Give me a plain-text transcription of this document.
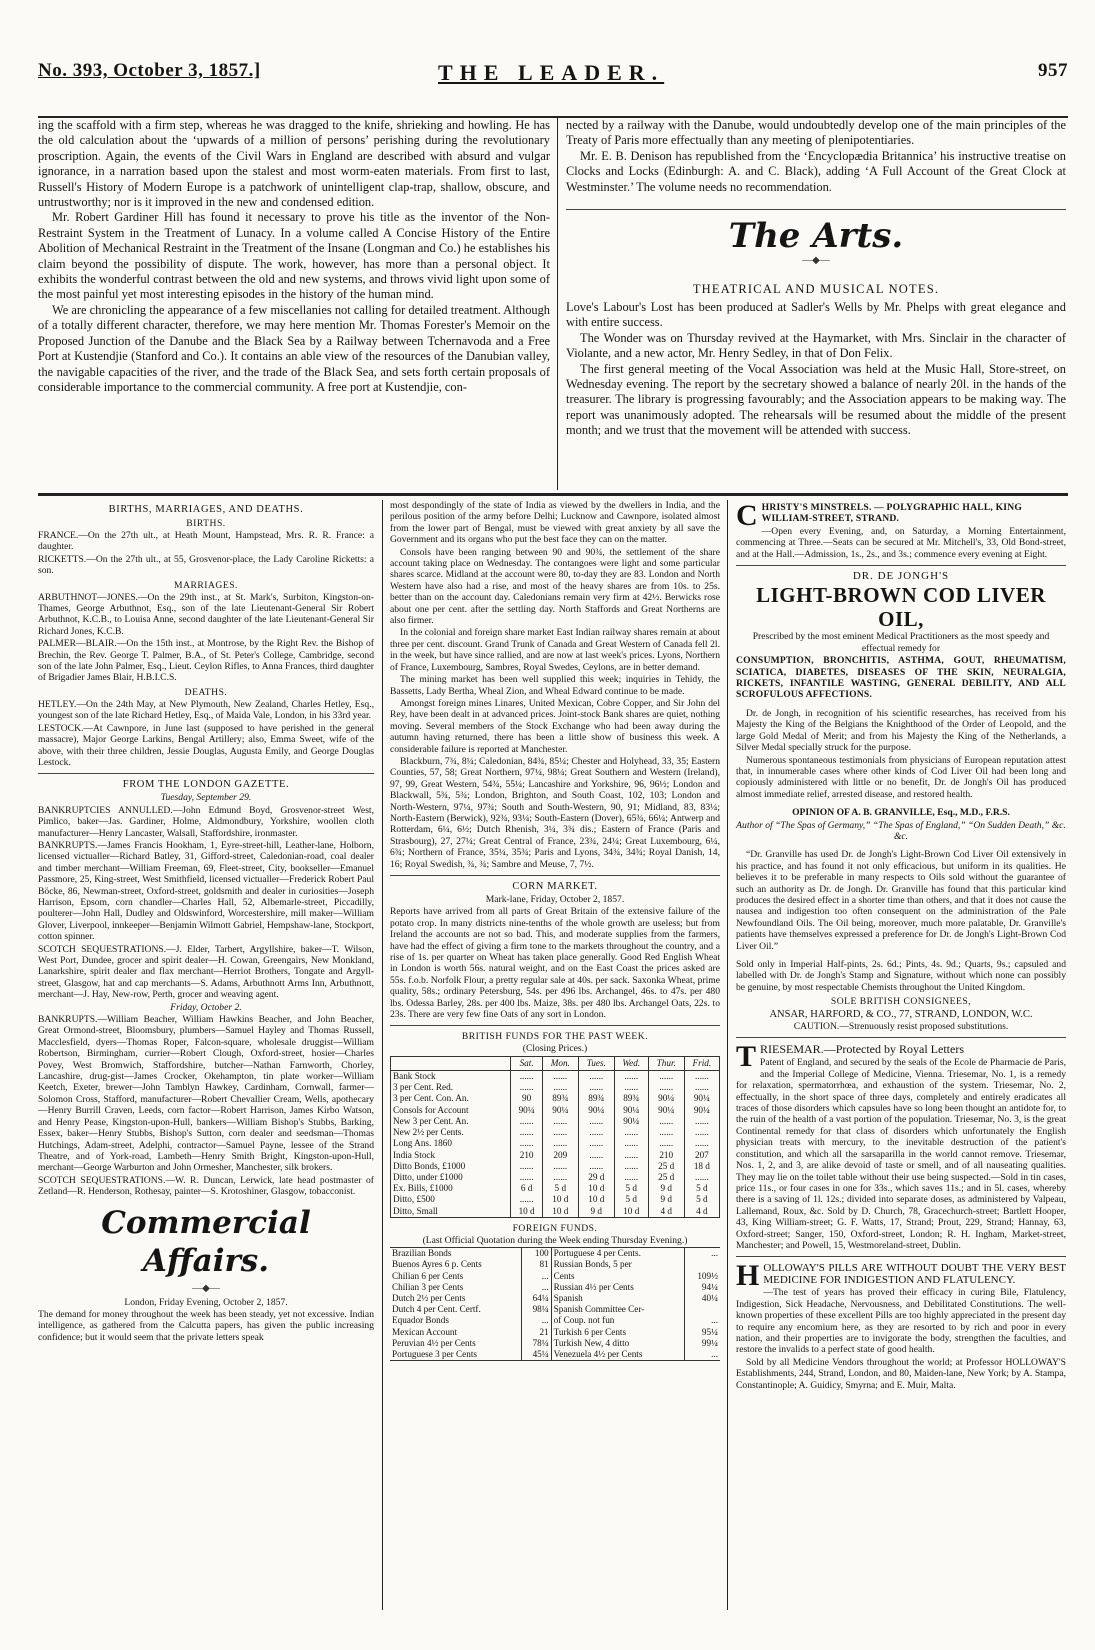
No. 393, October 3, 1857.]	THE LEADER.	957

ing the scaffold with a firm step, whereas he was dragged to the knife, shrieking and howling. He has the old calculation about the ‘upwards of a million of persons’ perishing during the revolutionary proscription. Again, the events of the Civil Wars in England are described with absurd and vulgar ignorance, in a narration based upon the stalest and most worm-eaten materials. From first to last, Russell's History of Modern Europe is a patchwork of unintelligent clap-trap, shallow, obscure, and untrustworthy; nor is it improved in the new and condensed edition.

Mr. Robert Gardiner Hill has found it necessary to prove his title as the inventor of the Non-Restraint System in the Treatment of Lunacy. In a volume called A Concise History of the Entire Abolition of Mechanical Restraint in the Treatment of the Insane (Longman and Co.) he establishes his claim beyond the possibility of dispute. The work, however, has more than a personal object. It exhibits the wonderful contrast between the old and new systems, and throws vivid light upon some of the most painful yet most interesting episodes in the history of the human mind.

We are chronicling the appearance of a few miscellanies not calling for detailed treatment. Although of a totally different character, therefore, we may here mention Mr. Thomas Forester's Memoir on the Proposed Junction of the Danube and the Black Sea by a Railway between Tchernavoda and a Free Port at Kustendjie (Stanford and Co.). It contains an able view of the resources of the Danubian valley, the navigable capacities of the river, and the trade of the Black Sea, and sets forth certain proposals of considerable importance to the commercial community. A free port at Kustendjie, con-

nected by a railway with the Danube, would undoubtedly develop one of the main principles of the Treaty of Paris more effectually than any meeting of plenipotentiaries.

Mr. E. B. Denison has republished from the ‘Encyclopædia Britannica’ his instructive treatise on Clocks and Locks (Edinburgh: A. and C. Black), adding ‘A Full Account of the Great Clock at Westminster.’ The volume needs no recommendation.

The Arts.
—◆—
THEATRICAL AND MUSICAL NOTES.

Love's Labour's Lost has been produced at Sadler's Wells by Mr. Phelps with great elegance and with entire success.

The Wonder was on Thursday revived at the Haymarket, with Mrs. Sinclair in the character of Violante, and a new actor, Mr. Henry Sedley, in that of Don Felix.

The first general meeting of the Vocal Association was held at the Music Hall, Store-street, on Wednesday evening. The report by the secretary showed a balance of nearly 20l. in the hands of the treasurer. The library is progressing favourably; and the Association appears to be making way. The report was unanimously adopted. The rehearsals will be resumed about the middle of the present month; and we trust that the movement will be attended with success.

BIRTHS, MARRIAGES, AND DEATHS.
BIRTHS.

FRANCE.—On the 27th ult., at Heath Mount, Hampstead, Mrs. R. R. France: a daughter.

RICKETTS.—On the 27th ult., at 55, Grosvenor-place, the Lady Caroline Ricketts: a son.

MARRIAGES.

ARBUTHNOT—JONES.—On the 29th inst., at St. Mark's, Surbiton, Kingston-on-Thames, George Arbuthnot, Esq., son of the late Lieutenant-General Sir Robert Arbuthnot, K.C.B., to Louisa Anne, second daughter of the late Lieutenant-General Sir Richard Jones, K.C.B.

PALMER—BLAIR.—On the 15th inst., at Montrose, by the Right Rev. the Bishop of Brechin, the Rev. George T. Palmer, B.A., of St. Peter's College, Cambridge, second son of the late John Palmer, Esq., Lieut. Ceylon Rifles, to Anna Frances, third daughter of Brigadier James Blair, H.B.I.C.S.

DEATHS.

HETLEY.—On the 24th May, at New Plymouth, New Zealand, Charles Hetley, Esq., youngest son of the late Richard Hetley, Esq., of Maida Vale, London, in his 33rd year.

LESTOCK.—At Cawnpore, in June last (supposed to have perished in the general massacre), Major George Larkins, Bengal Artillery; also, Emma Sweet, wife of the above, with their three children, Jessie Douglas, Augusta Emily, and George Douglas Lestock.

FROM THE LONDON GAZETTE.

Tuesday, September 29.

BANKRUPTCIES ANNULLED.—John Edmund Boyd, Grosvenor-street West, Pimlico, baker—Jas. Gardiner, Holme, Aldmondbury, Yorkshire, woollen cloth manufacturer—Henry Lancaster, Walsall, Staffordshire, ironmaster.

BANKRUPTS.—James Francis Hookham, 1, Eyre-street-hill, Leather-lane, Holborn, licensed victualler—Richard Batley, 31, Gifford-street, Caledonian-road, coal dealer and timber merchant—William Freeman, 69, Fleet-street, City, bookseller—Emanuel Passmore, 25, King-street, West Smithfield, licensed victualler—Frederick Robert Paul Böcke, 86, Newman-street, Oxford-street, goldsmith and dealer in curiosities—Joseph Harrison, Epsom, corn chandler—Charles Hall, 52, Albemarle-street, Piccadilly, poulterer—John Hall, Dudley and Oldswinford, Worcestershire, mill maker—William Glover, Liverpool, innkeeper—Benjamin Wilmott Gabriel, Hempshaw-lane, Stockport, cotton spinner.

SCOTCH SEQUESTRATIONS.—J. Elder, Tarbert, Argyllshire, baker—T. Wilson, West Port, Dundee, grocer and spirit dealer—H. Cowan, Greengairs, New Monkland, Lanarkshire, spirit dealer and flax merchant—Herriot Brothers, Tongate and Argyll-street, Glasgow, hat and cap merchants—S. Adams, Arbuthnott Arms Inn, Arbuthnott, merchant—J. Hay, New-row, Perth, grocer and weaving agent.

Friday, October 2.

BANKRUPTS.—William Beacher, William Hawkins Beacher, and John Beacher, Great Ormond-street, Bloomsbury, plumbers—Samuel Hayley and Thomas Russell, Macclesfield, dyers—Thomas Roper, Falcon-square, wholesale druggist—William Robertson, Birmingham, currier—Robert Clough, Oxford-street, hosier—Charles Povey, West Bromwich, Staffordshire, butcher—Nathan Farnworth, Chorley, Lancashire, drug-gist—James Crocker, Okehampton, tin plate worker—William Keetch, Exeter, brewer—John Tamblyn Hawkey, Cardinham, Cornwall, farmer—Solomon Cross, Stafford, manufacturer—Robert Chevallier Cream, Wells, apothecary—Henry Burrill Craven, Leeds, corn factor—Robert Harrison, James Kirbo Watson, and Henry Pease, Kingston-upon-Hull, bankers—William Bishop's Stubbs, Barking, Essex, baker—Henry Stubbs, Bishop's Sutton, corn dealer and seedsman—Thomas Hutchings, Adam-street, Adelphi, contractor—Samuel Payne, lessee of the Strand Theatre, and of York-road, Lambeth—Henry Smith Bright, Kingston-upon-Hull, merchant—George Warburton and John Ormesher, Manchester, silk brokers.

SCOTCH SEQUESTRATIONS.—W. R. Duncan, Lerwick, late head postmaster of Zetland—R. Henderson, Rothesay, painter—S. Krotoshiner, Glasgow, tobacconist.

Commercial Affairs.
—◆—

London, Friday Evening, October 2, 1857.

The demand for money throughout the week has been steady, yet not excessive. Indian intelligence, as gathered from the Calcutta papers, has given the public increasing confidence; but it would seem that the private letters speak

most despondingly of the state of India as viewed by the dwellers in India, and the perilous position of the army before Delhi; Lucknow and Cawnpore, isolated almost from the lower part of Bengal, must be viewed with great anxiety by all save the Government and its organs who put the best face they can on the matter.

Consols have been ranging between 90 and 90¾, the settlement of the share account taking place on Wednesday. The contangoes were light and some particular shares scarce. Midland at the account were 80, to-day they are 83. London and North Western have also had a rise, and most of the heavy shares are from 10s. to 25s. better than on the account day. Caledonians remain very firm at 42½. Berwicks rose about one per cent. after the settling day. North Staffords and Great Northerns are also firmer.

In the colonial and foreign share market East Indian railway shares remain at about three per cent. discount. Grand Trunk of Canada and Great Western of Canada fell 2l. in the week, but have since rallied, and are now at last week's prices. Lyons, Northern of France, Luxembourg, Sambres, Royal Swedes, Ceylons, are in better demand.

The mining market has been well supplied this week; inquiries in Tehidy, the Bassetts, Lady Bertha, Wheal Zion, and Wheal Edward continue to be made.

Amongst foreign mines Linares, United Mexican, Cobre Copper, and Sir John del Rey, have been dealt in at advanced prices. Joint-stock Bank shares are quiet, nothing moving. Several members of the Stock Exchange who had been away during the autumn having returned, there has been a little show of business this week. A considerable failure is reported at Manchester.

Blackburn, 7¾, 8¼; Caledonian, 84¾, 85¼; Chester and Holyhead, 33, 35; Eastern Counties, 57, 58; Great Northern, 97¼, 98¼; Great Southern and Western (Ireland), 97, 99, Great Western, 54¾, 55¼; Lancashire and Yorkshire, 96, 96½; London and Blackwall, 5¾, 5¾; London, Brighton, and South Coast, 102, 103; London and North-Western, 97¼, 97¾; South and South-Western, 90, 91; Midland, 83, 83¼; North-Eastern (Berwick), 92¾, 93¼; South-Eastern (Dover), 65¾, 66¼; Antwerp and Rotterdam, 6¼, 6½; Dutch Rhenish, 3¼, 3¾ dis.; Eastern of France (Paris and Strasbourg), 27, 27¼; Great Central of France, 23¾, 24¼; Great Luxembourg, 6¼, 6¾; Northern of France, 35¼, 35¾; Paris and Lyons, 34¾, 34¾; Royal Danish, 14, 16; Royal Swedish, ¾, ¾; Sambre and Meuse, 7, 7½.

CORN MARKET.

Mark-lane, Friday, October 2, 1857.

Reports have arrived from all parts of Great Britain of the extensive failure of the potato crop. In many districts nine-tenths of the whole growth are useless; but from Ireland the accounts are not so bad. This, and moderate supplies from the farmers, have had the effect of giving a firm tone to the markets throughout the country, and a rise of 1s. per quarter on Wheat has taken place generally. Good Red English Wheat in London is worth 56s. natural weight, and on the East Coast the prices asked are 55s. f.o.b. Norfolk Flour, a pretty regular sale at 40s. per sack. Saxonka Wheat, prime quality, 58s.; ordinary Petersburg, 54s. per 496 lbs. Archangel, 46s. to 47s. per 480 lbs. Odessa Barley, 28s. per 400 lbs. Maize, 38s. per 480 lbs. Archangel Oats, 22s. to 23s. There are very few fine Oats of any sort in London.

BRITISH FUNDS FOR THE PAST WEEK.

(Closing Prices.)

	Sat.	Mon.	Tues.	Wed.	Thur.	Frid.
Bank Stock	......	......	......	......	......	......
3 per Cent. Red.	......	......	......	......	......	......
3 per Cent. Con. An.	90	89¾	89¾	89¾	90¼	90¼
Consols for Account	90¼	90¼	90¼	90¼	90¼	90¼
New 3 per Cent. An.	......	......	......	90¼	......	......
New 2½ per Cents.	......	......	......	......	......	......
Long Ans. 1860	......	......	......	......	......	......
India Stock	210	209	......	......	210	207
Ditto Bonds, £1000	......	......	......	......	25 d	18 d
Ditto, under £1000	......	......	29 d	......	25 d	......
Ex. Bills, £1000	6 d	5 d	10 d	5 d	9 d	5 d
Ditto, £500	......	10 d	10 d	5 d	9 d	5 d
Ditto, Small	10 d	10 d	9 d	10 d	4 d	4 d
FOREIGN FUNDS.

(Last Official Quotation during the Week ending Thursday Evening.)

Brazilian Bonds	100	Portuguese 4 per Cents.	...
Buenos Ayres 6 p. Cents	81	Russian Bonds, 5 per	
Chilian 6 per Cents	...	Cents	109½
Chilian 3 per Cents	...	Russian 4½ per Cents	94¼
Dutch 2½ per Cents	64¼	Spanish	40¼
Dutch 4 per Cent. Certf.	98¼	Spanish Committee Cer-	
Equador Bonds	...	of Coup. not fun	...
Mexican Account	21	Turkish 6 per Cents	95¼
Peruvian 4½ per Cents	78¼	Turkish New, 4 ditto	99¼
Portuguese 3 per Cents	45¼	Venezuela 4½ per Cents	...
C HRISTY'S MINSTRELS. — POLYGRAPHIC HALL, KING WILLIAM-STREET, STRAND.

—Open every Evening, and, on Saturday, a Morning Entertainment, commencing at Three.—Seats can be secured at Mr. Mitchell's, 33, Old Bond-street, and at the Hall.—Admission, 1s., 2s., and 3s.; commence every evening at Eight.

DR. DE JONGH'S

LIGHT-BROWN COD LIVER OIL,

Prescribed by the most eminent Medical Practitioners as the most speedy and effectual remedy for

CONSUMPTION, BRONCHITIS, ASTHMA, GOUT, RHEUMATISM, SCIATICA, DIABETES, DISEASES OF THE SKIN, NEURALGIA, RICKETS, INFANTILE WASTING, GENERAL DEBILITY, AND ALL SCROFULOUS AFFECTIONS.

Dr. de Jongh, in recognition of his scientific researches, has received from his Majesty the King of the Belgians the Knighthood of the Order of Leopold, and the large Gold Medal of Merit; and from his Majesty the King of the Netherlands, a Silver Medal specially struck for the purpose.

Numerous spontaneous testimonials from physicians of European reputation attest that, in innumerable cases where other kinds of Cod Liver Oil had been long and copiously administered with little or no benefit, Dr. de Jongh's Oil has produced almost immediate relief, arrested disease, and restored health.

OPINION OF A. B. GRANVILLE, Esq., M.D., F.R.S.

Author of “The Spas of Germany,” “The Spas of England,” “On Sudden Death,” &c. &c.

“Dr. Granville has used Dr. de Jongh's Light-Brown Cod Liver Oil extensively in his practice, and has found it not only efficacious, but uniform in its qualities. He believes it to be preferable in many respects to Oils sold without the guarantee of such an authority as Dr. de Jongh. Dr. Granville has found that this particular kind produces the desired effect in a shorter time than others, and that it does not cause the nausea and indigestion too often consequent on the administration of the Pale Newfoundland Oils. The Oil being, moreover, much more palatable, Dr. Granville's patients have themselves expressed a preference for Dr. de Jongh's Light-Brown Cod Liver Oil.”

Sold only in Imperial Half-pints, 2s. 6d.; Pints, 4s. 9d.; Quarts, 9s.; capsuled and labelled with Dr. de Jongh's Stamp and Signature, without which none can possibly be genuine, by most respectable Chemists throughout the United Kingdom.

SOLE BRITISH CONSIGNEES,

ANSAR, HARFORD, & CO., 77, STRAND, LONDON, W.C.

CAUTION.—Strenuously resist proposed substitutions.

T RIESEMAR.—Protected by Royal Letters

Patent of England, and secured by the seals of the Ecole de Pharmacie de Paris, and the Imperial College of Medicine, Vienna. Triesemar, No. 1, is a remedy for relaxation, spermatorrhœa, and exhaustion of the system. Triesemar, No. 2, effectually, in the short space of three days, completely and entirely eradicates all traces of those disorders which capsules have so long been thought an antidote for, to the ruin of the health of a vast portion of the population. Triesemar, No. 3, is the great Continental remedy for that class of disorders which unfortunately the English physician treats with mercury, to the inevitable destruction of the patient's constitution, and which all the sarsaparilla in the world cannot remove. Triesemar, Nos. 1, 2, and 3, are alike devoid of taste or smell, and of all nauseating qualities. They may lie on the toilet table without their use being suspected.—Sold in tin cases, price 11s., or four cases in one for 33s., which saves 11s.; and in 5l. cases, whereby there is a saving of 1l. 12s.; divided into separate doses, as administered by Valpeau, Lallemand, Roux, &c. Sold by D. Church, 78, Gracechurch-street; Bartlett Hooper, 43, King William-street; G. F. Watts, 17, Strand; Prout, 229, Strand; Hannay, 63, Oxford-street; Sanger, 150, Oxford-street, London; R. H. Ingham, Market-street, Manchester; and Powell, 15, Westmoreland-street, Dublin.

H OLLOWAY'S PILLS ARE WITHOUT DOUBT THE VERY BEST MEDICINE FOR INDIGESTION AND FLATULENCY.

—The test of years has proved their efficacy in curing Bile, Flatulency, Indigestion, Sick Headache, Nervousness, and Debilitated Constitutions. The well-known properties of these excellent Pills are too highly appreciated in the present day to require any encomium here, as they are resorted to by rich and poor in every nation, and their properties are to invigorate the body, strengthen the faculties, and restore the invalids to a perfect state of good health.

Sold by all Medicine Vendors throughout the world; at Professor HOLLOWAY'S Establishments, 244, Strand, London, and 80, Maiden-lane, New York; by A. Stampa, Constantinople; A. Guidicy, Smyrna; and E. Muir, Malta.
